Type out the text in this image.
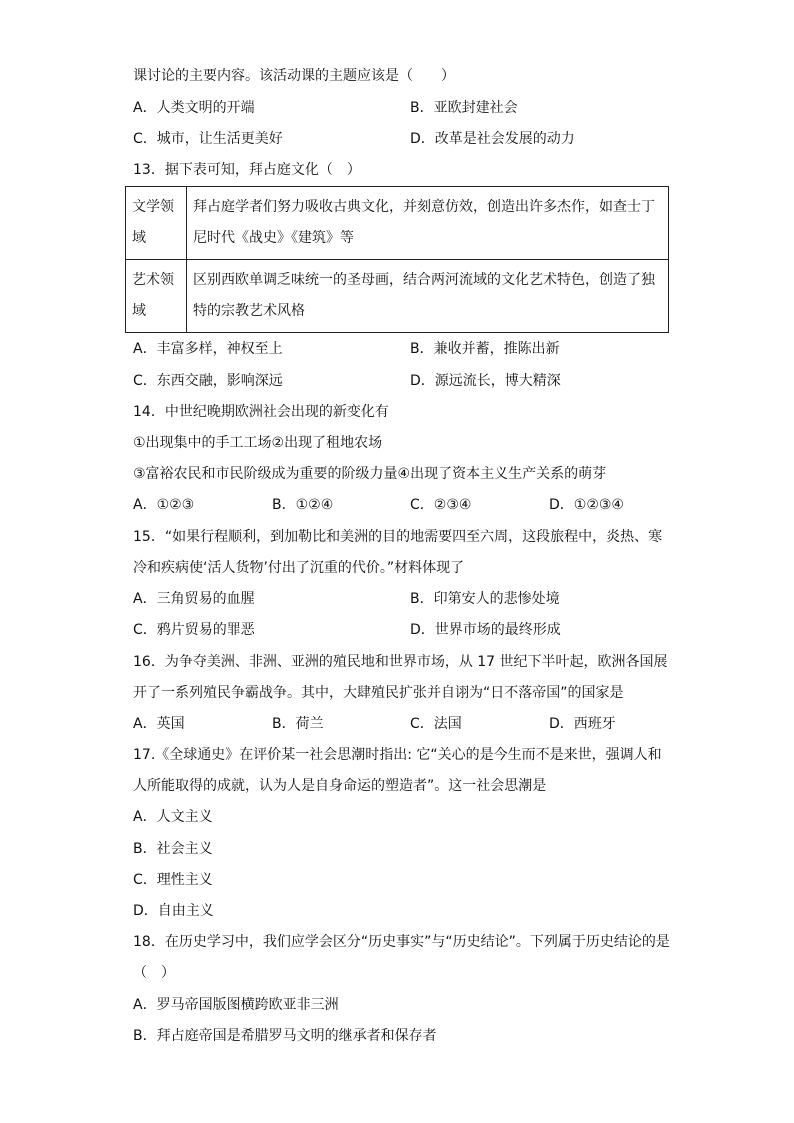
课讨论的主要内容。该活动课的主题应该是（　　）
A．人类文明的开端	B．亚欧封建社会
C．城市，让生活更美好	D．改革是社会发展的动力
13．据下表可知，拜占庭文化（　）
文学领域	拜占庭学者们努力吸收古典文化，并刻意仿效，创造出许多杰作，如查士丁尼时代《战史》《建筑》等
艺术领域	区别西欧单调乏味统一的圣母画，结合两河流域的文化艺术特色，创造了独特的宗教艺术风格
A．丰富多样，神权至上	B．兼收并蓄，推陈出新
C．东西交融，影响深远	D．源远流长，博大精深
14．中世纪晚期欧洲社会出现的新变化有
①出现集中的手工工场②出现了租地农场
③富裕农民和市民阶级成为重要的阶级力量④出现了资本主义生产关系的萌芽
A．①②③	B．①②④	C．②③④	D．①②③④
15．“如果行程顺利，到加勒比和美洲的目的地需要四至六周，这段旅程中，炎热、寒
冷和疾病使‘活人货物’付出了沉重的代价。”材料体现了
A．三角贸易的血腥	B．印第安人的悲惨处境
C．鸦片贸易的罪恶	D．世界市场的最终形成
16．为争夺美洲、非洲、亚洲的殖民地和世界市场，从 17 世纪下半叶起，欧洲各国展
开了一系列殖民争霸战争。其中，大肆殖民扩张并自诩为“日不落帝国”的国家是
A．英国	B．荷兰	C．法国	D．西班牙
17.《全球通史》在评价某一社会思潮时指出: 它“关心的是今生而不是来世，强调人和
人所能取得的成就，认为人是自身命运的塑造者”。这一社会思潮是
A．人文主义
B．社会主义
C．理性主义
D．自由主义
18．在历史学习中，我们应学会区分“历史事实”与“历史结论”。下列属于历史结论的是
（　）
A．罗马帝国版图横跨欧亚非三洲
B．拜占庭帝国是希腊罗马文明的继承者和保存者
